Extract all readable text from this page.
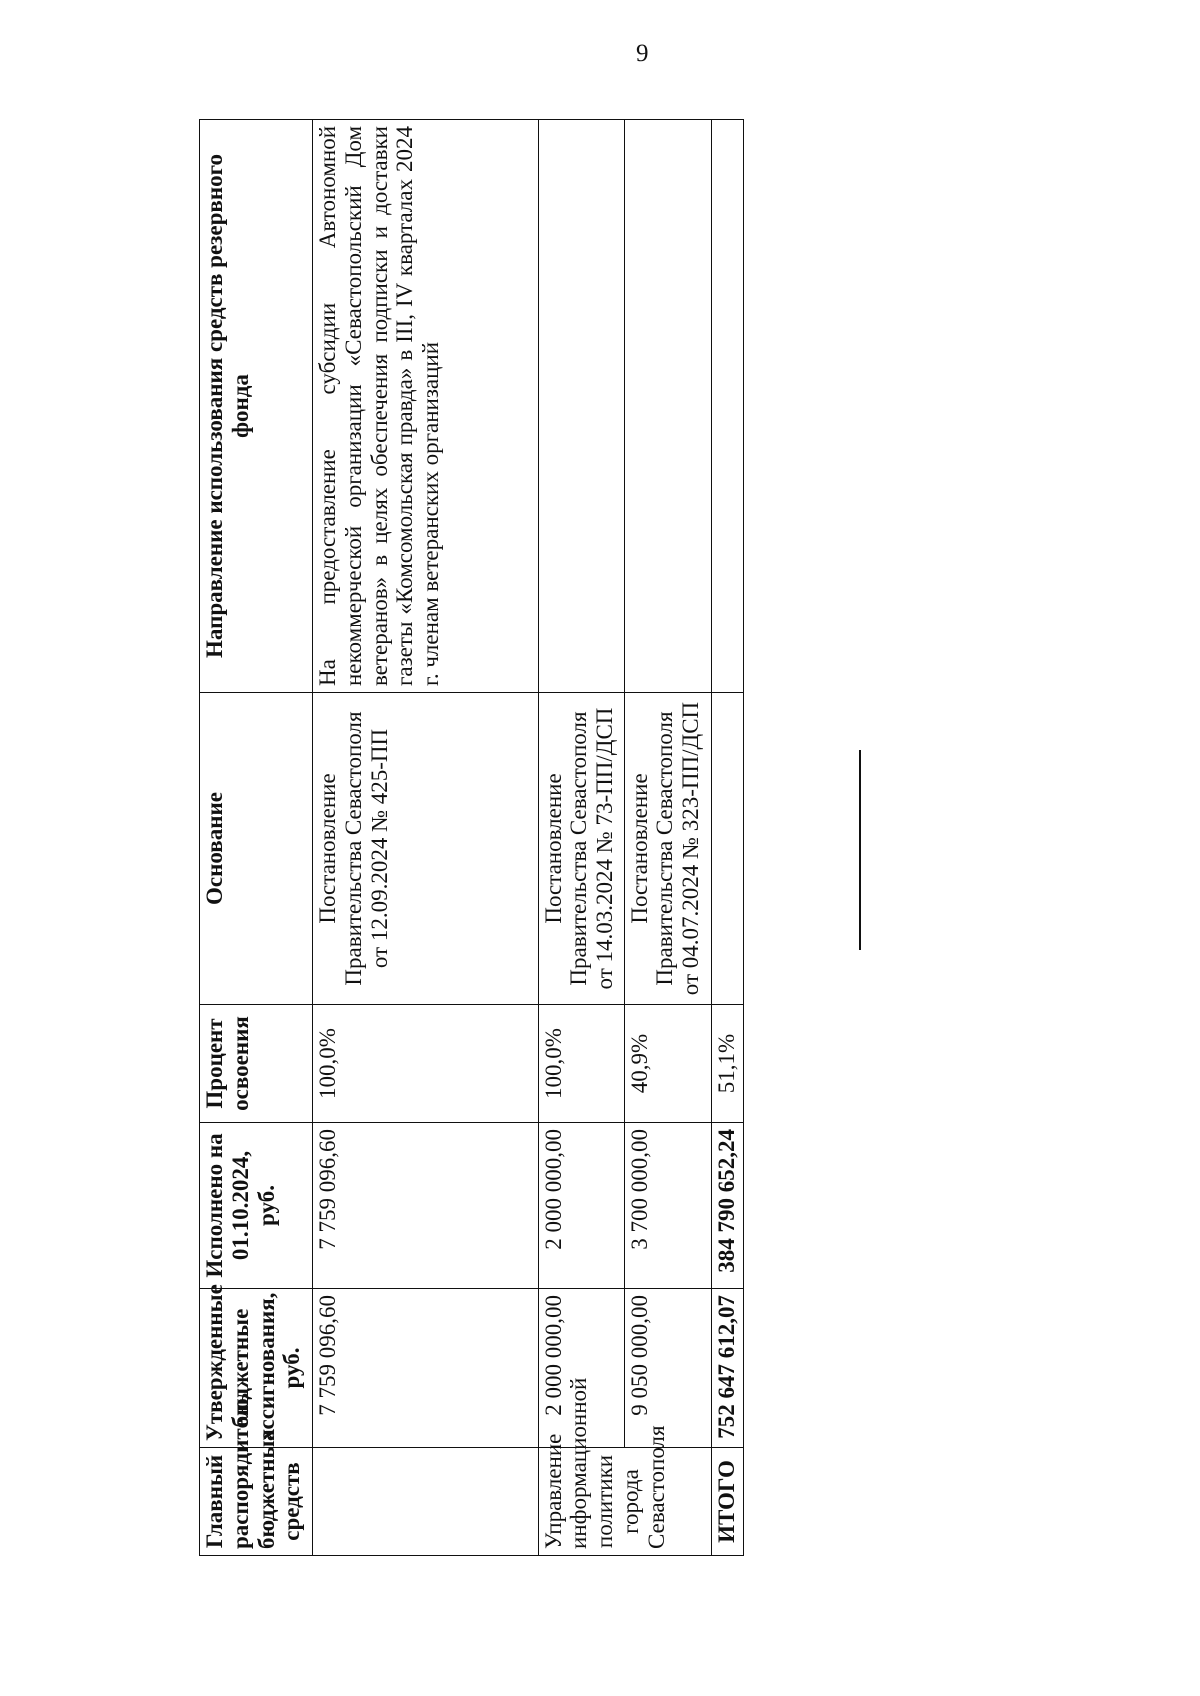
9
Главный распорядитель бюджетных средств	Утвержденные бюджетные ассигнования, руб.	Исполнено на 01.10.2024, руб.	Процент освоения	Основание	Направление использования средств резервного фонда
	7 759 096,60	7 759 096,60	100,0%	Постановление Правительства Севастополя от 12.09.2024 № 425-ПП	На предоставление субсидии Автономной некоммерческой организации «Севастопольский Дом ветеранов» в целях обеспечения подписки и доставки газеты «Комсомольская правда» в III, IV кварталах 2024 г. членам ветеранских организаций
Управление информационной политики города Севастополя	2 000 000,00	2 000 000,00	100,0%	Постановление Правительства Севастополя от 14.03.2024 № 73-ПП/ДСП	
	9 050 000,00	3 700 000,00	40,9%	Постановление Правительства Севастополя от 04.07.2024 № 323-ПП/ДСП	
ИТОГО	752 647 612,07	384 790 652,24	51,1%		
